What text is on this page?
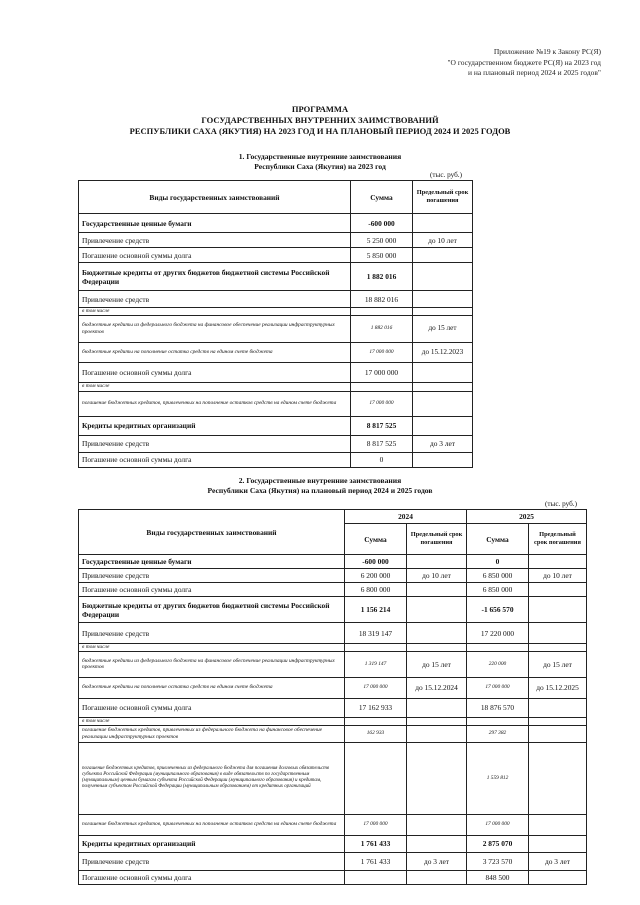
Приложение №19 к Закону РС(Я)
"О государственном бюджете РС(Я) на 2023 год
и на плановый период 2024 и 2025 годов"
ПРОГРАММА
ГОСУДАРСТВЕННЫХ ВНУТРЕННИХ ЗАИМСТВОВАНИЙ
РЕСПУБЛИКИ САХА (ЯКУТИЯ) НА 2023 ГОД И НА ПЛАНОВЫЙ ПЕРИОД 2024 И 2025 ГОДОВ
1. Государственные внутренние заимствования
Республики Саха (Якутия) на 2023 год
(тыс. руб.)
Виды государственных заимствований	Сумма	Предельный срок погашения
Государственные ценные бумаги	-600 000	
Привлечение средств	5 250 000	до 10 лет
Погашение основной суммы долга	5 850 000	
Бюджетные кредиты от других бюджетов бюджетной системы Российской Федерации	1 882 016	
Привлечение средств	18 882 016	
в том числе		
бюджетные кредиты из федерального бюджета на финансовое обеспечение реализации инфраструктурных проектов	1 882 016	до 15 лет
бюджетные кредиты на пополнение остатка средств на едином счете бюджета	17 000 000	до 15.12.2023
Погашение основной суммы долга	17 000 000	
в том числе		
погашение бюджетных кредитов, привлеченных на пополнение остатков средств на едином счете бюджета	17 000 000	
Кредиты кредитных организаций	8 817 525	
Привлечение средств	8 817 525	до 3 лет
Погашение основной суммы долга	0	
2. Государственные внутренние заимствования
Республики Саха (Якутия) на плановый период 2024 и 2025 годов
(тыс. руб.)
Виды государственных заимствований	2024		2025	
	Сумма	Предельный срок погашения	Сумма	Предельный срок погашения
Государственные ценные бумаги	-600 000		0	
Привлечение средств	6 200 000	до 10 лет	6 850 000	до 10 лет
Погашение основной суммы долга	6 800 000		6 850 000	
Бюджетные кредиты от других бюджетов бюджетной системы Российской Федерации	1 156 214		-1 656 570	
Привлечение средств	18 319 147		17 220 000	
в том числе				
бюджетные кредиты из федерального бюджета на финансовое обеспечение реализации инфраструктурных проектов	1 319 147	до 15 лет	220 000	до 15 лет
бюджетные кредиты на пополнение остатка средств на едином счете бюджета	17 000 000	до 15.12.2024	17 000 000	до 15.12.2025
Погашение основной суммы долга	17 162 933		18 876 570	
в том числе				
погашение бюджетных кредитов, привлеченных из федерального бюджета на финансовое обеспечение реализации инфраструктурных проектов	162 933		297 382	
погашение бюджетных кредитов, привлеченных из федерального бюджета для погашения долговых обязательств субъекта Российской Федерации (муниципального образования) в виде обязательств по государственным (муниципальным) ценным бумагам субъекта Российской Федерации (муниципального образования) и кредитам, полученным субъектом Российской Федерации (муниципальным образованием) от кредитных организаций			1 559 812	
погашение бюджетных кредитов, привлеченных на пополнение остатков средств на едином счете бюджета	17 000 000		17 000 000	
Кредиты кредитных организаций	1 761 433		2 875 070	
Привлечение средств	1 761 433	до 3 лет	3 723 570	до 3 лет
Погашение основной суммы долга			848 500	
